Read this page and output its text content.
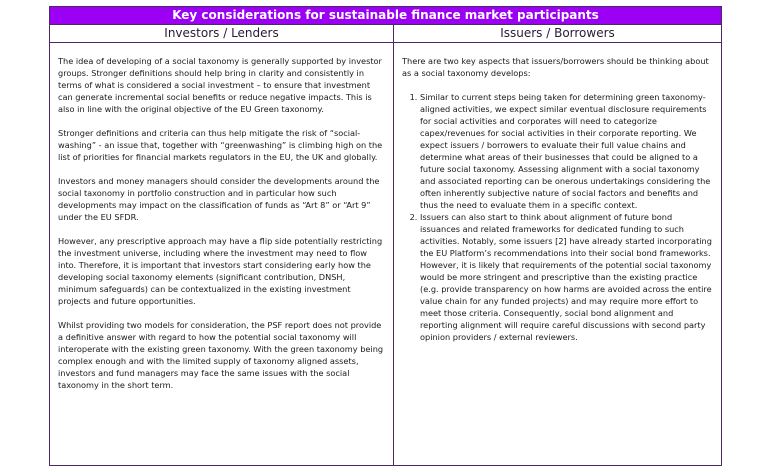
Key considerations for sustainable finance market participants
Investors / Lenders	Issuers / Borrowers

The idea of developing of a social taxonomy is generally supported by investor groups. Stronger definitions should help bring in clarity and consistently in terms of what is considered a social investment – to ensure that investment can generate incremental social benefits or reduce negative impacts. This is also in line with the original objective of the EU Green taxonomy.

Stronger definitions and criteria can thus help mitigate the risk of “social-washing” - an issue that, together with “greenwashing” is climbing high on the list of priorities for financial markets regulators in the EU, the UK and globally.

Investors and money managers should consider the developments around the social taxonomy in portfolio construction and in particular how such developments may impact on the classification of funds as “Art 8” or “Art 9” under the EU SFDR.

However, any prescriptive approach may have a flip side potentially restricting the investment universe, including where the investment may need to flow into. Therefore, it is important that investors start considering early how the developing social taxonomy elements (significant contribution, DNSH, minimum safeguards) can be contextualized in the existing investment projects and future opportunities.

Whilst providing two models for consideration, the PSF report does not provide a definitive answer with regard to how the potential social taxonomy will interoperate with the existing green taxonomy. With the green taxonomy being complex enough and with the limited supply of taxonomy aligned assets, investors and fund managers may face the same issues with the social taxonomy in the short term.

There are two key aspects that issuers/borrowers should be thinking about as a social taxonomy develops:

1. Similar to current steps being taken for determining green taxonomy-aligned activities, we expect similar eventual disclosure requirements for social activities and corporates will need to categorize capex/revenues for social activities in their corporate reporting. We expect issuers / borrowers to evaluate their full value chains and determine what areas of their businesses that could be aligned to a future social taxonomy. Assessing alignment with a social taxonomy and associated reporting can be onerous undertakings considering the often inherently subjective nature of social factors and benefits and thus the need to evaluate them in a specific context.
2. Issuers can also start to think about alignment of future bond issuances and related frameworks for dedicated funding to such activities. Notably, some issuers [2] have already started incorporating the EU Platform’s recommendations into their social bond frameworks. However, it is likely that requirements of the potential social taxonomy would be more stringent and prescriptive than the existing practice (e.g. provide transparency on how harms are avoided across the entire value chain for any funded projects) and may require more effort to meet those criteria. Consequently, social bond alignment and reporting alignment will require careful discussions with second party opinion providers / external reviewers.
